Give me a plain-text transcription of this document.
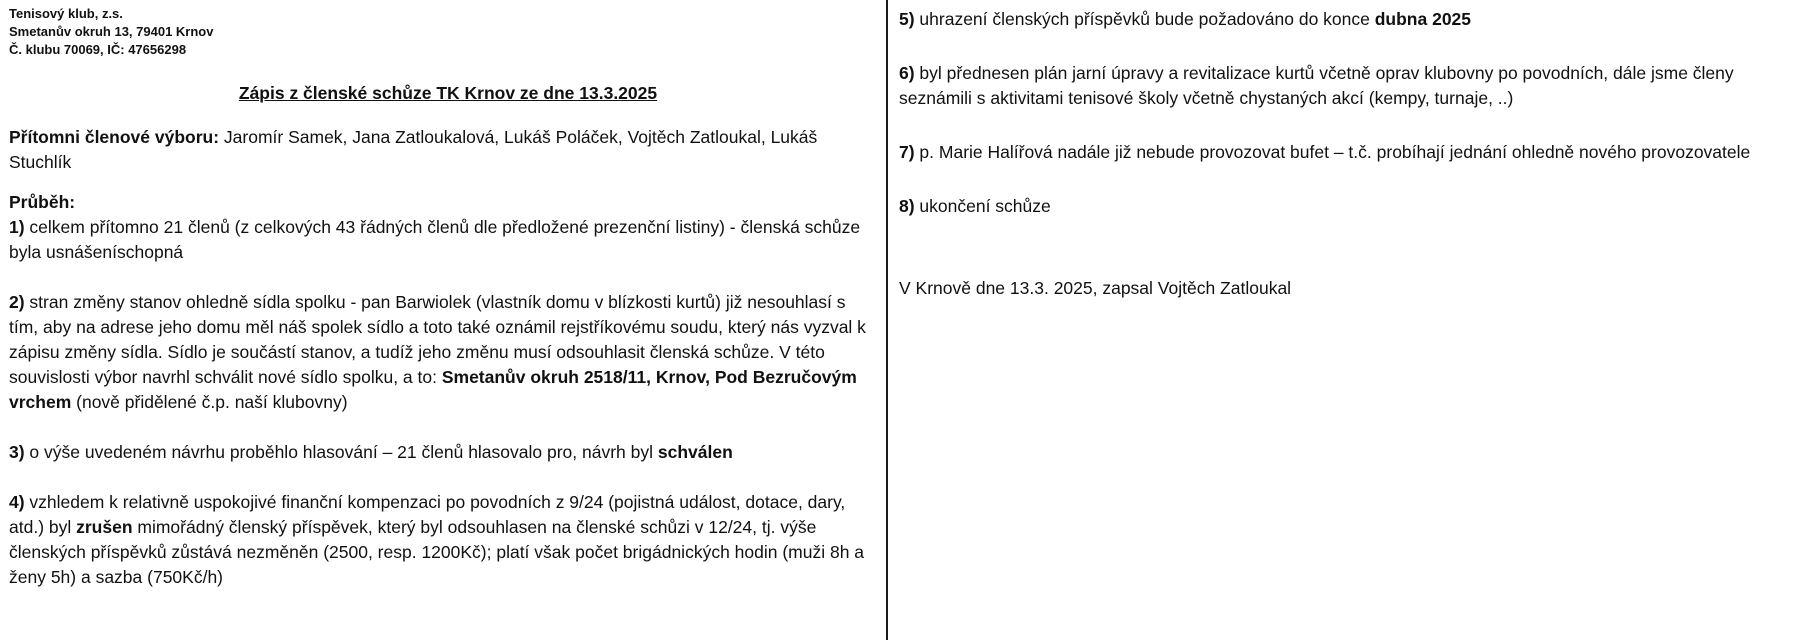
Tenisový klub, z.s.
Smetanův okruh 13, 79401 Krnov
Č. klubu 70069, IČ: 47656298
Zápis z členské schůze TK Krnov ze dne 13.3.2025

Přítomni členové výboru: Jaromír Samek, Jana Zatloukalová, Lukáš Poláček, Vojtěch Zatloukal, Lukáš Stuchlík

Průběh:

1) celkem přítomno 21 členů (z celkových 43 řádných členů dle předložené prezenční listiny) - členská schůze byla usnášeníschopná

2) stran změny stanov ohledně sídla spolku - pan Barwiolek (vlastník domu v blízkosti kurtů) již nesouhlasí s tím, aby na adrese jeho domu měl náš spolek sídlo a toto také oznámil rejstříkovému soudu, který nás vyzval k zápisu změny sídla. Sídlo je součástí stanov, a tudíž jeho změnu musí odsouhlasit členská schůze. V této souvislosti výbor navrhl schválit nové sídlo spolku, a to: Smetanův okruh 2518/11, Krnov, Pod Bezručovým vrchem (nově přidělené č.p. naší klubovny)

3) o výše uvedeném návrhu proběhlo hlasování – 21 členů hlasovalo pro, návrh byl schválen

4) vzhledem k relativně uspokojivé finanční kompenzaci po povodních z 9/24 (pojistná událost, dotace, dary, atd.) byl zrušen mimořádný členský příspěvek, který byl odsouhlasen na členské schůzi v 12/24, tj. výše členských příspěvků zůstává nezměněn (2500, resp. 1200Kč); platí však počet brigádnických hodin (muži 8h a ženy 5h) a sazba (750Kč/h)

5) uhrazení členských příspěvků bude požadováno do konce dubna 2025

6) byl přednesen plán jarní úpravy a revitalizace kurtů včetně oprav klubovny po povodních, dále jsme členy seznámili s aktivitami tenisové školy včetně chystaných akcí (kempy, turnaje, ..)

7) p. Marie Halířová nadále již nebude provozovat bufet – t.č. probíhají jednání ohledně nového provozovatele

8) ukončení schůze

V Krnově dne 13.3. 2025, zapsal Vojtěch Zatloukal
